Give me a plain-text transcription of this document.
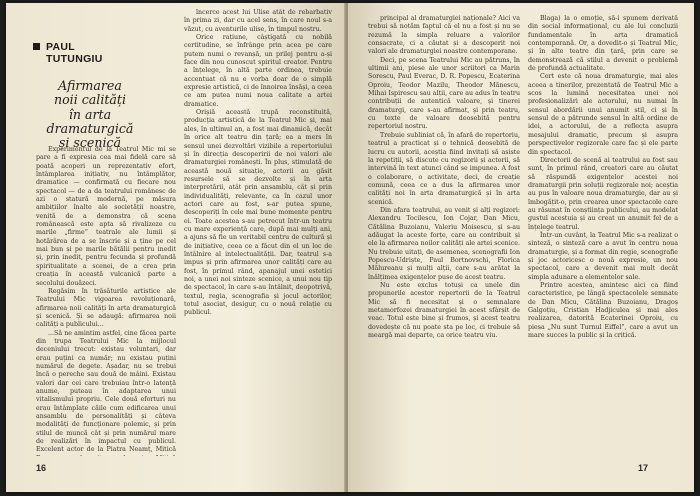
PAUL
TUTUNGIU
Afirmarea
noii calități în arta
dramaturgică
și scenică

Experimentul de la Teatrul Mic mi se pare a fi expresia cea mai fidelă care să poată acoperi un reprezentativ efort, întâmplarea inițiativ, nu întâmplător, dramatice — confirmată cu fiecare nou spectacol — de a da teatrului românesc de azi o statură modernă, pe măsura ambițiilor înalte ale societății noastre, venită de a demonstra că scena românească este apta să rivalizeze cu marile „firme” teatrale ale lumii și hotărârea de a se înscrie și a ține pe cel mai bun și pe marile bătălii pentru inedit și, prin inedit, pentru fecunda și profundă spiritualitate a scenei, de a crea prin creația în această vulcanică parte a secolului douăzeci.

Regăsim în trăsăturile artistice ale Teatrului Mic vigoarea revoluționară, afirmarea noii calități în arta dramaturgică și scenică. Și se adaugă: afirmarea noii calități a publicului...

...Să ne amintim astfel, cine făcea parte din trupa Teatrului Mic la mijlocul deceniului trecut: existau voluntari, dar erau puțini ca număr; nu existau puțini numărul de degete. Așadar, nu se trebui încă o pereche sau două de mâini. Existau valori dar cei care trebuiau într-o latență anume, puteau în adaptarea unui vitalismului propriu. Cele două eforturi nu erau întâmplate căile cum edificarea unui ansamblu de personalități și câteva modalități de funcționare polemic, și prin stilul de muncă cât și prin numărul mare de realizări în impactul cu publicul. Excelent actor de la Piatra Neamț, Mitică

încerce acest lui Ulise atât de rebarbativ în prima zi, dar cu acel sens, în care noul s-a văzut, cu aventurile ulise, în timpul nostru.

Orice rațiune, câștigată cu nobilă certitudine, se înfrânge prin acea pe care putem numi o revanșă, un prilej pentru a-și face din nou cunoscut spiritul creator. Pentru a înțelege, în altă parte ordinea, trebuie accentuat că nu e vorba doar de o simplă expresie artistică, ci de înnoirea însăși, a ceea ce am putea numi noua calitate a artei dramatice.

Orișiă această trupă reconstituită, producția artistică de la Teatrul Mic și, mai ales, în ultimul an, a fost mai dinamică, decât în orice alt teatru din țară; ea a mers în sensul unei dezvoltări vizibile a repertoriului și în direcția descoperirii de noi valori ale dramaturgiei românești. În plus, stimulată de această nouă situație, actorii au găsit resursele să se dezvolte și în arta interpretării, atât prin ansamblu, cât și prin individualități, relevante, ca în cazul unor actori care au fost, s-ar putea spune, descoperiți în cele mai bune momente pentru ei. Toate acestea s-au petrecut într-un teatru cu mare experiență care, după mai mulți ani, a ajuns să fie un veritabil centru de cultură și de inițiative, ceea ce a făcut din el un loc de întâlnire al intelectualității. Dar, teatrul s-a impus și prin afirmarea unor calități care au fost, în primul rând, apanajul unei estetici noi, a unei noi sinteze scenice, a unui nou tip de spectacol, în care s-au întâlnit, deopotrivă, textul, regia, scenografia și jocul actorilor, totul asociat, desigur, cu o nouă relație cu publicul.

16

principal al dramaturgiei naționale? Aici va trebui să notăm faptul că el nu a fost și nu se rezumă la simpla reluare a valorilor consacrate, ci a căutat și a descoperit noi valori ale dramaturgiei noastre contemporane.

Deci, pe scena Teatrului Mic au pătruns, în ultimii ani, piese ale unor scriitori ca Marin Sorescu, Paul Everac, D. R. Popescu, Ecaterina Oproiu, Teodor Mazilu, Theodor Mănescu, Mihai Ispirescu sau alții, care au adus în teatru contribuții de autentică valoare, și tinerei dramaturgi, care s-au afirmat, și prin teatru, cu texte de valoare deosebită pentru repertoriul nostru.

Trebuie subliniat că, în afară de repertoriu, teatrul a practicat și o tehnică deosebită de lucru cu autorii, aceștia fiind invitați să asiste la repetiții, să discute cu regizorii și actorii, să intervină în text atunci când se impunea. A fost o colaborare, o activitate, deci, de creație comună, ceea ce a dus la afirmarea unor calități noi în arta dramaturgică și în arta scenică.

Din afara teatrului, au venit și alți regizori: Alexandru Tocilescu, Ion Cojar, Dan Micu, Cătălina Buzoianu, Valeriu Moisescu, și s-au adăugat la aceste forțe, care au contribuit și ele la afirmarea noilor calități ale artei scenice. Nu trebuie uitați, de asemenea, scenografii Ion Popescu-Udriște, Paul Bortnovschi, Florica Mălureanu și mulți alții, care s-au arătat la înălțimea exigențelor puse de acest teatru.

Nu este exclus totuși ca unele din propunerile acestor repertorii de la Teatrul Mic să fi necesitat și o semnalare metamorfozei dramaturgiei în acest sfârșit de veac. Totul este bine și frumos, și acest teatru dovedește că nu poate sta pe loc, ci trebuie să meargă mai departe, ca orice teatru viu.

Blaga) la o emoție, să-i spunem derivată din social informațional, cu ale lui concluzii fundamentale în arta dramatică contemporană. Or, a dovedit-o și Teatrul Mic, și în alte teatre din țară, prin care se demonstrează că stilul a devenit o problemă de profundă actualitate.

Cert este că noua dramaturgie, mai ales aceea a tinerilor, prezentată de Teatrul Mic a scos la lumină necesitatea unei noi profesionalizări ale actorului, nu numai în sensul abordării unui anumit stil, ci și în sensul de a pătrunde sensul în altă ordine de idei, a actorului, de a reflecta asupra mesajului dramatic, precum și asupra perspectivelor regizorale care fac și ele parte din spectacol.

Directorii de scenă ai teatrului au fost sau sunt, în primul rând, creatori care au căutat să răspundă exigențelor acestei noi dramaturgii prin soluții regizorale noi; aceștia au pus în valoare noua dramaturgie, dar au și îmbogățit-o, prin crearea unor spectacole care au răsunat în conștiința publicului, au modelat gustul acestuia și au creat un anumit fel de a înțelege teatrul.

Într-un cuvânt, la Teatrul Mic s-a realizat o sinteză, o sinteză care a avut în centru noua dramaturgie, și a format din regie, scenografie și joc actoricesc o nouă expresie, un nou spectacol, care a devenit mai mult decât simpla adunare a elementelor sale.

Printre acestea, amintesc aici ca fiind caracteristice, pe lângă spectacolele semnate de Dan Micu, Cătălina Buzoianu, Dragoș Galgoțiu, Cristian Hadjiculea și mai ales realizarea, datorită Ecaterinei Oproiu, cu piesa „Nu sunt Turnul Eiffel”, care a avut un mare succes la public și la critică.

17
